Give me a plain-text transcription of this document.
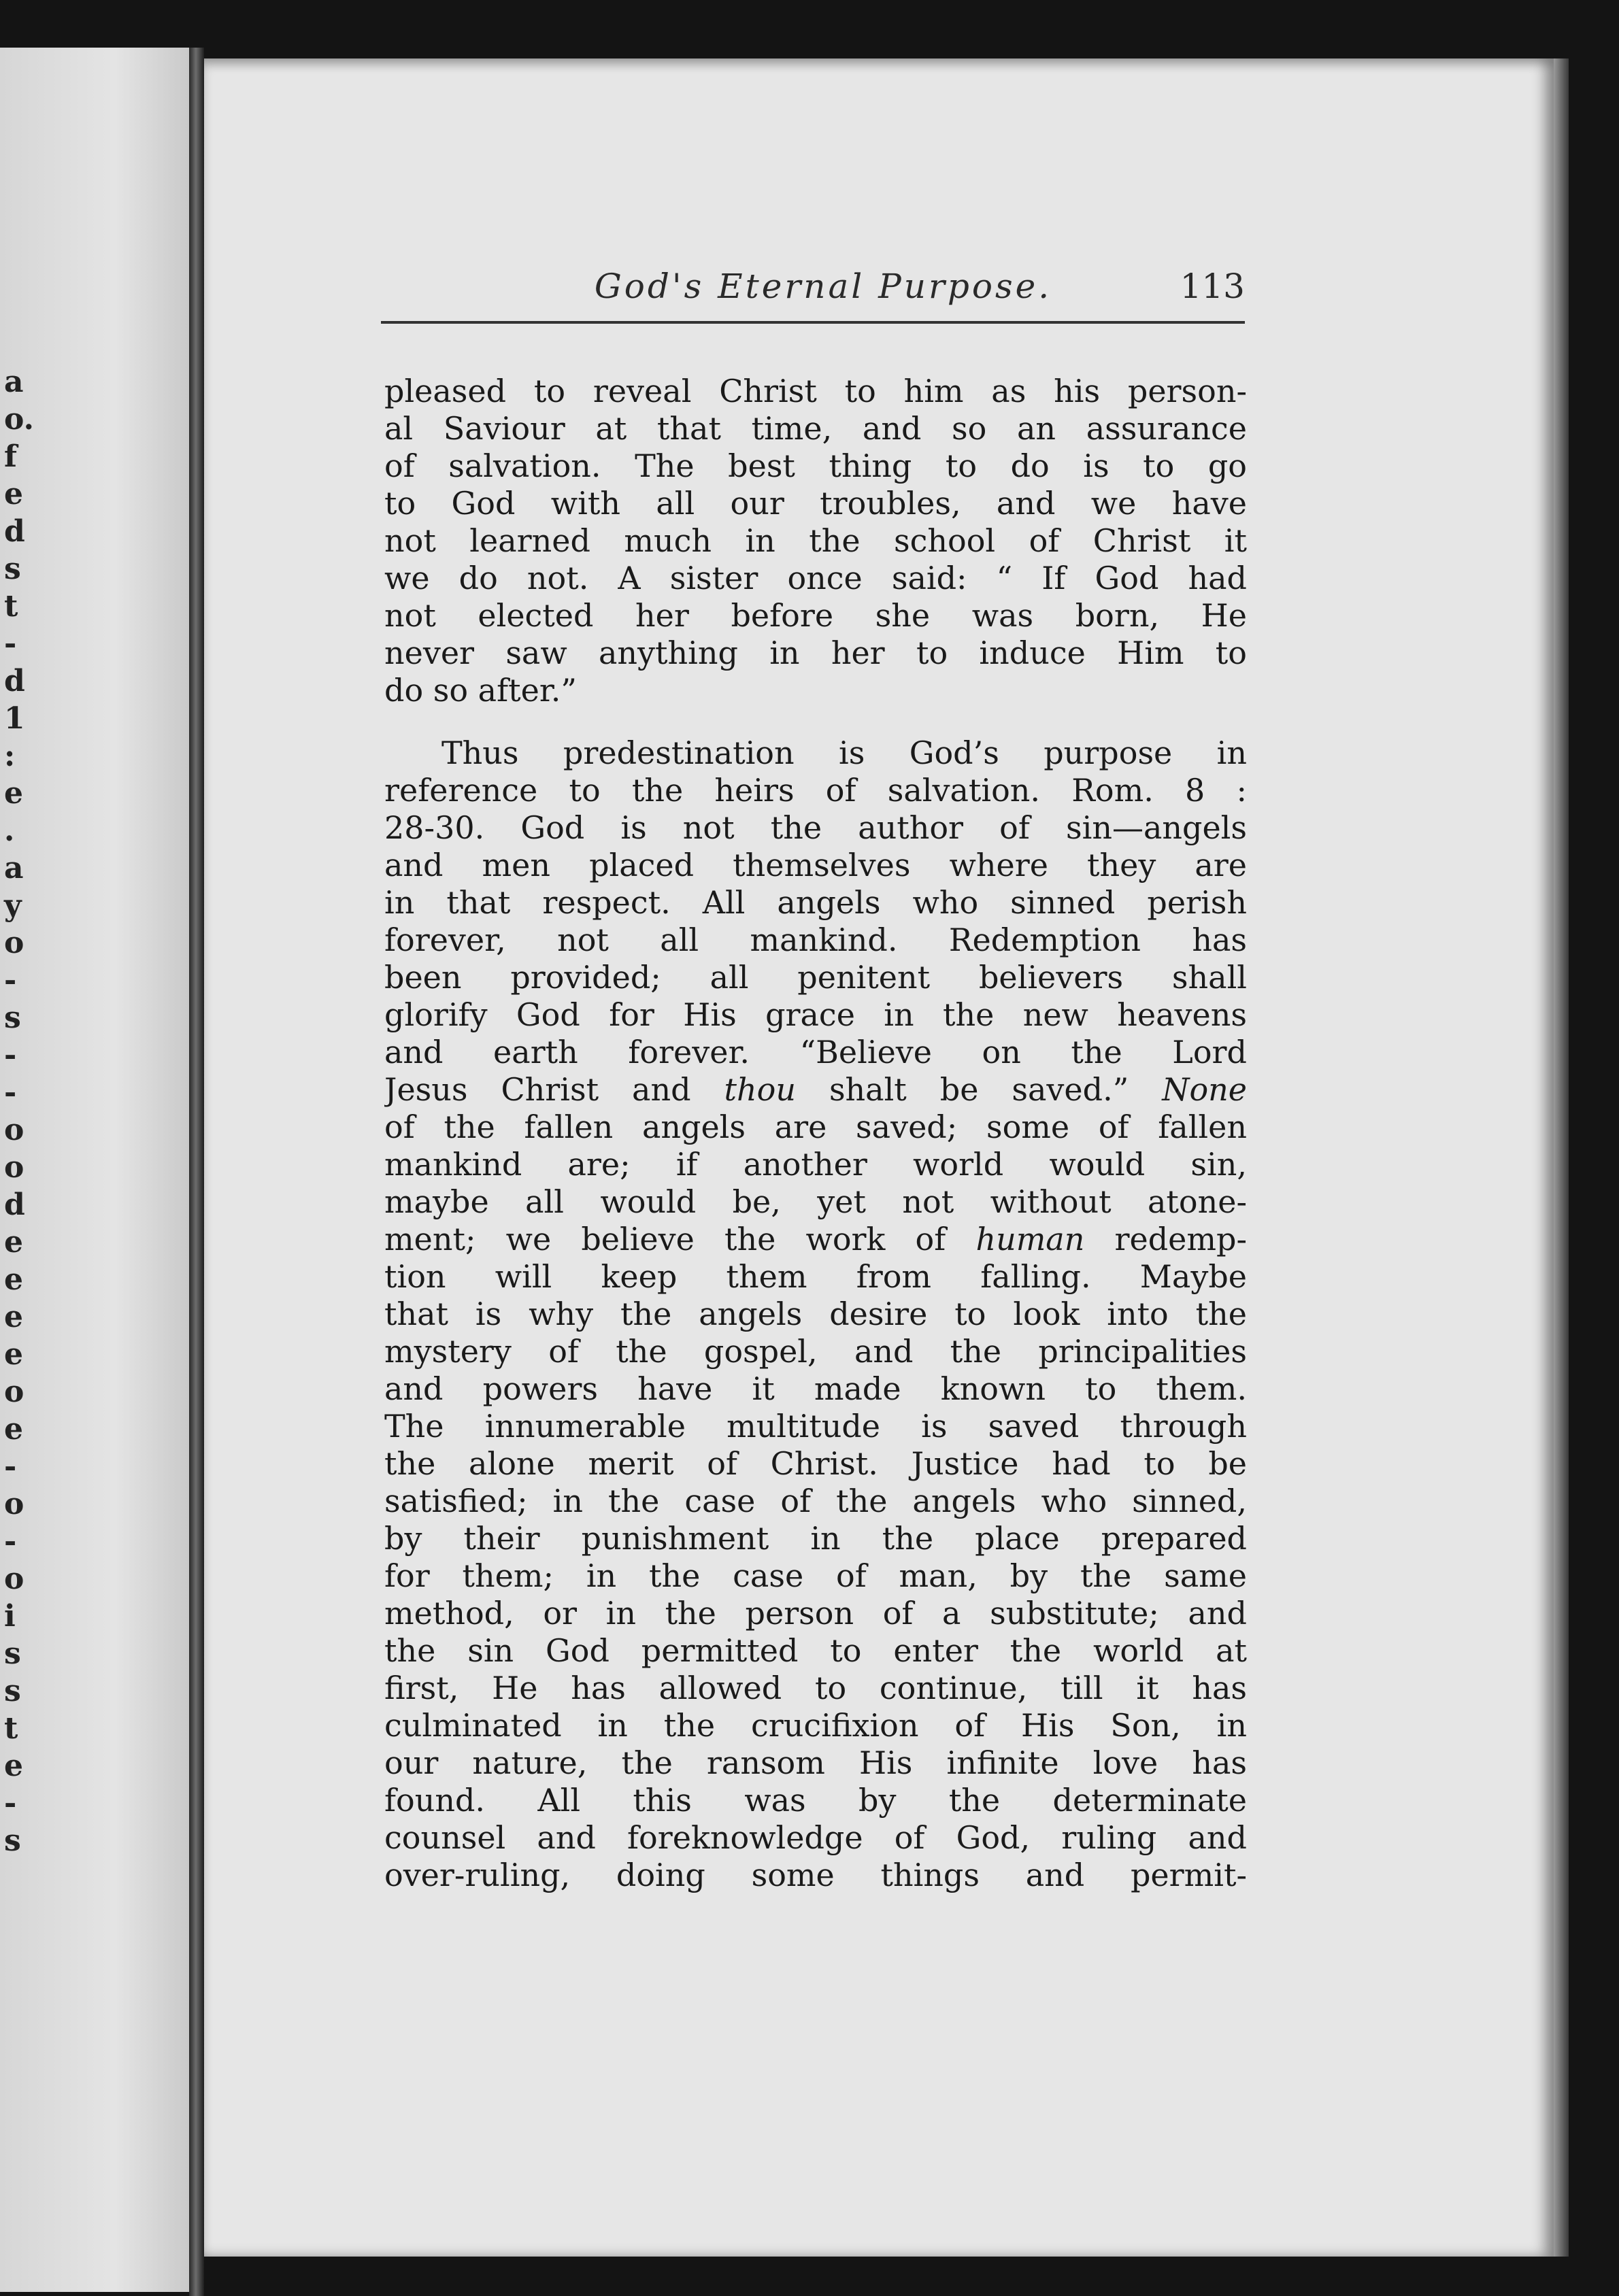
a
o.
f
e
d
s
t
-
d
1
:
e
.
a
y
o
-
s
-
-
o
o
d
e
e
e
e
o
e
-
o
-
o
i
s
s
t
e
-
s
God's Eternal Purpose.	113
pleased to reveal Christ to him as his person-
al Saviour at that time, and so an assurance
of salvation. The best thing to do is to go
to God with all our troubles, and we have
not learned much in the school of Christ it
we do not. A sister once said: “ If God had
not elected her before she was born, He
never saw anything in her to induce Him to
do so after.”
Thus predestination is God’s purpose in
reference to the heirs of salvation. Rom. 8 :
28-30. God is not the author of sin—angels
and men placed themselves where they are
in that respect. All angels who sinned perish
forever, not all mankind. Redemption has
been provided; all penitent believers shall
glorify God for His grace in the new heavens
and earth forever. “Believe on the Lord
Jesus Christ and thou shalt be saved.” None
of the fallen angels are saved; some of fallen
mankind are; if another world would sin,
maybe all would be, yet not without atone-
ment; we believe the work of human redemp-
tion will keep them from falling. Maybe
that is why the angels desire to look into the
mystery of the gospel, and the principalities
and powers have it made known to them.
The innumerable multitude is saved through
the alone merit of Christ. Justice had to be
satisfied; in the case of the angels who sinned,
by their punishment in the place prepared
for them; in the case of man, by the same
method, or in the person of a substitute; and
the sin God permitted to enter the world at
first, He has allowed to continue, till it has
culminated in the crucifixion of His Son, in
our nature, the ransom His infinite love has
found. All this was by the determinate
counsel and foreknowledge of God, ruling and
over-ruling, doing some things and permit-
